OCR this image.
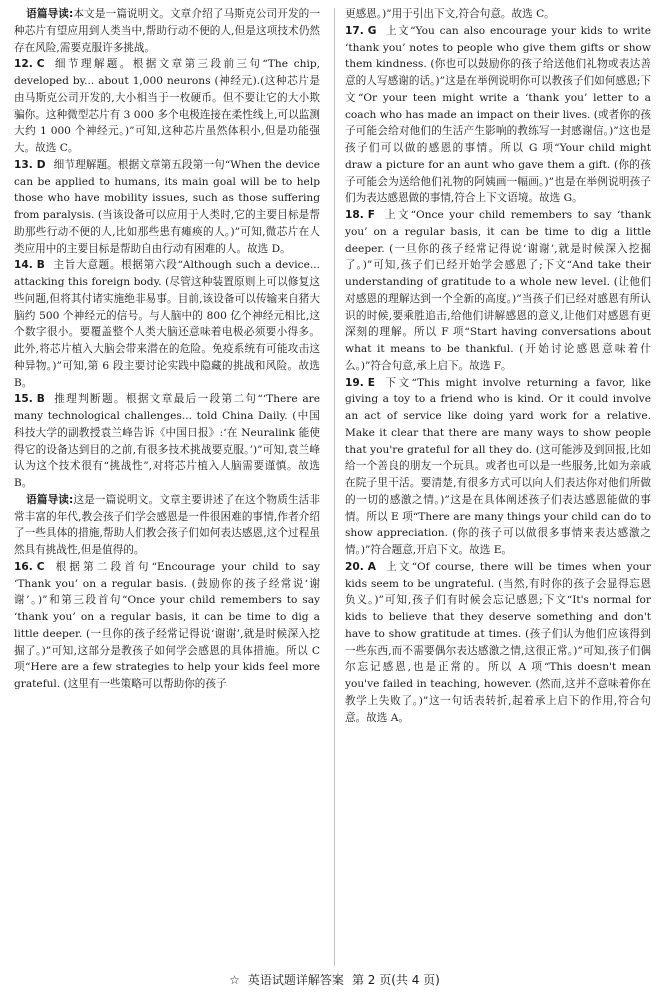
语篇导读:本文是一篇说明文。文章介绍了马斯克公司开发的一种芯片有望应用到人类当中,帮助行动不便的人,但是这项技术仍然存在风险,需要克服许多挑战。

12. C 细节理解题。根据文章第三段前三句“The chip, developed by... about 1,000 neurons (神经元).(这种芯片是由马斯克公司开发的,大小相当于一枚硬币。但不要让它的大小欺骗你。这种微型芯片有 3 000 多个电极连接在柔性线上,可以监测大约 1 000 个神经元。)”可知,这种芯片虽然体积小,但是功能强大。故选 C。

13. D 细节理解题。根据文章第五段第一句“When the device can be applied to humans, its main goal will be to help those who have mobility issues, such as those suffering from paralysis. (当该设备可以应用于人类时,它的主要目标是帮助那些行动不便的人,比如那些患有瘫痪的人。)”可知,微芯片在人类应用中的主要目标是帮助自由行动有困难的人。故选 D。

14. B 主旨大意题。根据第六段“Although such a device... attacking this foreign body. (尽管这种装置原则上可以修复这些问题,但将其付诸实施绝非易事。目前,该设备可以传输来自猪大脑约 500 个神经元的信号。与人脑中的 800 亿个神经元相比,这个数字很小。要覆盖整个人类大脑还意味着电极必须要小得多。此外,将芯片植入大脑会带来潜在的危险。免疫系统有可能攻击这种异物。)”可知,第 6 段主要讨论实践中隐藏的挑战和风险。故选 B。

15. B 推理判断题。根据文章最后一段第二句“‘There are many technological challenges... told China Daily. (中国科技大学的副教授袁兰峰告诉《中国日报》:‘在 Neuralink 能使得它的设备达到目的之前,有很多技术挑战要克服。’)”可知,袁兰峰认为这个技术很有“挑战性”,对将芯片植入人脑需要谨慎。故选 B。

语篇导读:这是一篇说明文。文章主要讲述了在这个物质生活非常丰富的年代,教会孩子们学会感恩是一件很困难的事情,作者介绍了一些具体的措施,帮助人们教会孩子们如何表达感恩,这个过程虽然具有挑战性,但是值得的。

16. C 根据第二段首句“Encourage your child to say ‘Thank you’ on a regular basis. (鼓励你的孩子经常说‘谢谢’。)”和第三段首句“Once your child remembers to say ‘thank you’ on a regular basis, it can be time to dig a little deeper. (一旦你的孩子经常记得说‘谢谢’,就是时候深入挖掘了。)”可知,这部分是教孩子如何学会感恩的具体措施。所以 C 项“Here are a few strategies to help your kids feel more grateful. (这里有一些策略可以帮助你的孩子

更感恩。)”用于引出下文,符合句意。故选 C。

17. G 上文“You can also encourage your kids to write ‘thank you’ notes to people who give them gifts or show them kindness. (你也可以鼓励你的孩子给送他们礼物或表达善意的人写感谢的话。)”这是在举例说明你可以教孩子们如何感恩;下文“Or your teen might write a ‘thank you’ letter to a coach who has made an impact on their lives. (或者你的孩子可能会给对他们的生活产生影响的教练写一封感谢信。)”这也是孩子们可以做的感恩的事情。所以 G 项“Your child might draw a picture for an aunt who gave them a gift. (你的孩子可能会为送给他们礼物的阿姨画一幅画。)”也是在举例说明孩子们为表达感恩做的事情,符合上下文语境。故选 G。

18. F 上文“Once your child remembers to say ‘thank you’ on a regular basis, it can be time to dig a little deeper. (一旦你的孩子经常记得说‘谢谢’,就是时候深入挖掘了。)”可知,孩子们已经开始学会感恩了;下文“And take their understanding of gratitude to a whole new level. (让他们对感恩的理解达到一个全新的高度。)”当孩子们已经对感恩有所认识的时候,要乘胜追击,给他们讲解感恩的意义,让他们对感恩有更深刻的理解。所以 F 项“Start having conversations about what it means to be thankful. (开始讨论感恩意味着什么。)”符合句意,承上启下。故选 F。

19. E 下文“This might involve returning a favor, like giving a toy to a friend who is kind. Or it could involve an act of service like doing yard work for a relative. Make it clear that there are many ways to show people that you're grateful for all they do. (这可能涉及到回报,比如给一个善良的朋友一个玩具。或者也可以是一些服务,比如为亲戚在院子里干活。要清楚,有很多方式可以向人们表达你对他们所做的一切的感激之情。)”这是在具体阐述孩子们表达感恩能做的事情。所以 E 项“There are many things your child can do to show appreciation. (你的孩子可以做很多事情来表达感激之情。)”符合题意,开启下文。故选 E。

20. A 上文“Of course, there will be times when your kids seem to be ungrateful. (当然,有时你的孩子会显得忘恩负义。)”可知,孩子们有时候会忘记感恩;下文“It's normal for kids to believe that they deserve something and don't have to show gratitude at times. (孩子们认为他们应该得到一些东西,而不需要偶尔表达感激之情,这很正常。)”可知,孩子们偶尔忘记感恩,也是正常的。所以 A 项“This doesn't mean you've failed in teaching, however. (然而,这并不意味着你在教学上失败了。)”这一句话表转折,起着承上启下的作用,符合句意。故选 A。

☆ 英语试题详解答案 第 2 页(共 4 页)
